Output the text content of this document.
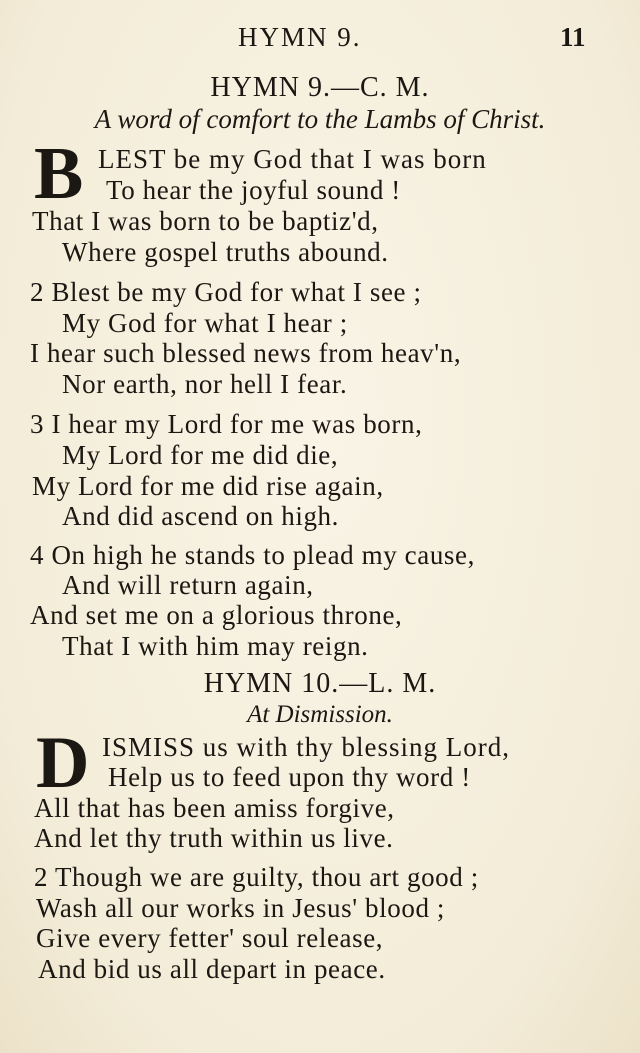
HYMN 9.	11
HYMN 9.—C. M.
A word of comfort to the Lambs of Christ.
B LEST be my God that I was born
To hear the joyful sound !
That I was born to be baptiz'd,
Where gospel truths abound.
2 Blest be my God for what I see ;
My God for what I hear ;
I hear such blessed news from heav'n,
Nor earth, nor hell I fear.
3 I hear my Lord for me was born,
My Lord for me did die,
My Lord for me did rise again,
And did ascend on high.
4 On high he stands to plead my cause,
And will return again,
And set me on a glorious throne,
That I with him may reign.
HYMN 10.—L. M.
At Dismission.
D ISMISS us with thy blessing Lord,
Help us to feed upon thy word !
All that has been amiss forgive,
And let thy truth within us live.
2 Though we are guilty, thou art good ;
Wash all our works in Jesus' blood ;
Give every fetter' soul release,
And bid us all depart in peace.
